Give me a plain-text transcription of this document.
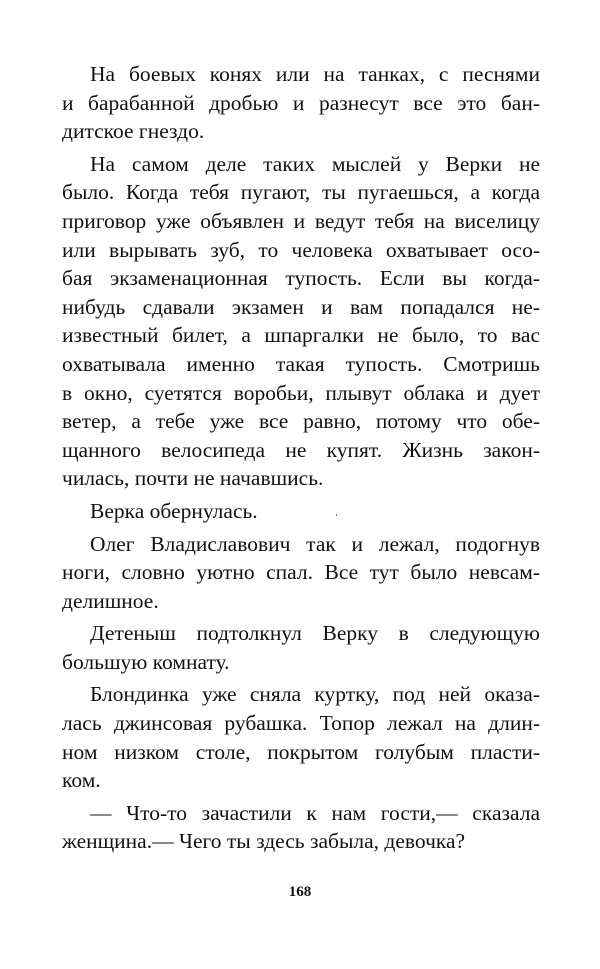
На боевых конях или на танках, с песнями
и барабанной дробью и разнесут все это бан-
дитское гнездо.
На самом деле таких мыслей у Верки не
было. Когда тебя пугают, ты пугаешься, а когда
приговор уже объявлен и ведут тебя на виселицу
или вырывать зуб, то человека охватывает осо-
бая экзаменационная тупость. Если вы когда-
нибудь сдавали экзамен и вам попадался не-
известный билет, а шпаргалки не было, то вас
охватывала именно такая тупость. Смотришь
в окно, суетятся воробьи, плывут облака и дует
ветер, а тебе уже все равно, потому что обе-
щанного велосипеда не купят. Жизнь закон-
чилась, почти не начавшись.
Верка обернулась.
Олег Владиславович так и лежал, подогнув
ноги, словно уютно спал. Все тут было невсам-
делишное.
Детеныш подтолкнул Верку в следующую
большую комнату.
Блондинка уже сняла куртку, под ней оказа-
лась джинсовая рубашка. Топор лежал на длин-
ном низком столе, покрытом голубым пласти-
ком.
— Что-то зачастили к нам гости,— сказала
женщина.— Чего ты здесь забыла, девочка?
168
